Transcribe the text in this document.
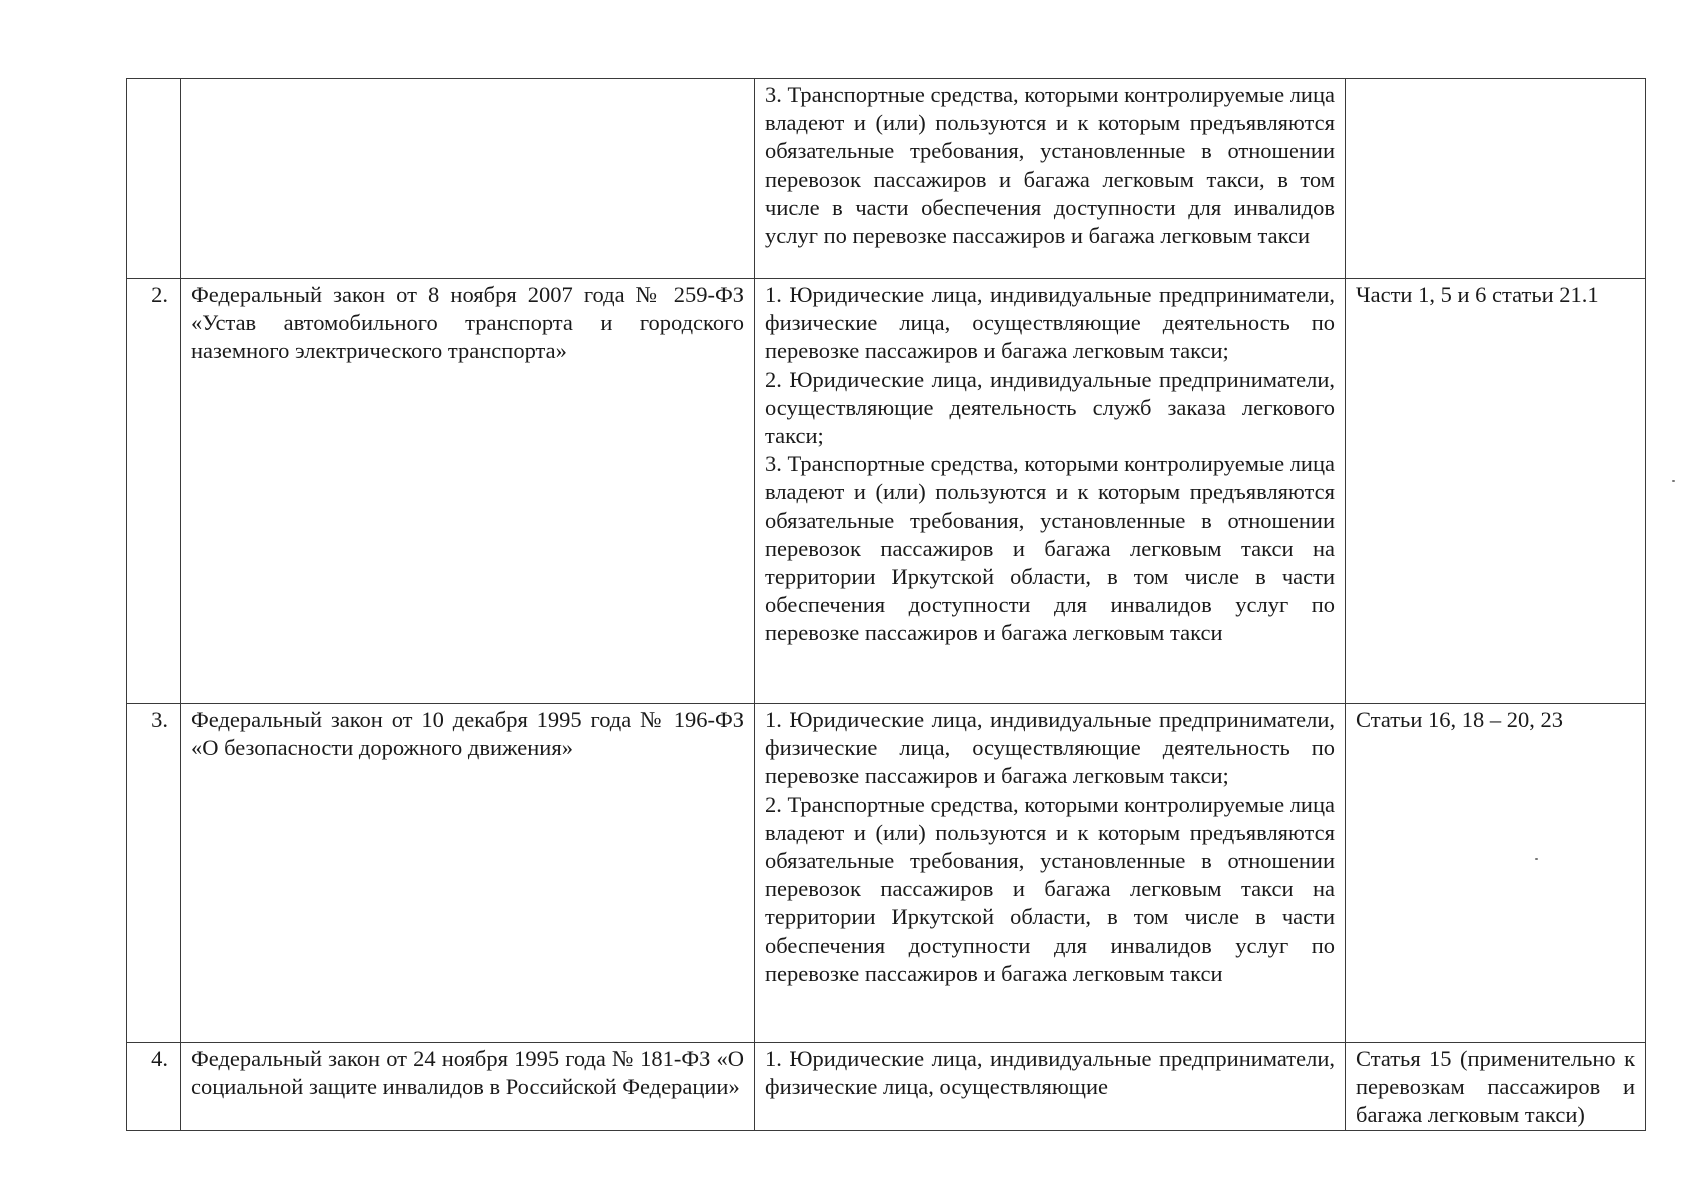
		3. Транспортные средства, которыми контролируемые лица владеют и (или) пользуются и к которым предъявляются обязательные требования, установленные в отношении перевозок пассажиров и багажа легковым такси, в том числе в части обеспечения доступности для инвалидов услуг по перевозке пассажиров и багажа легковым такси	

2.	Федеральный закон от 8 ноября 2007 года № 259-ФЗ «Устав автомобильного транспорта и городского наземного электрического транспорта»	1. Юридические лица, индивидуальные предприниматели, физические лица, осуществляющие деятельность по перевозке пассажиров и багажа легковым такси;
2. Юридические лица, индивидуальные предприниматели, осуществляющие деятельность служб заказа легкового такси;
3. Транспортные средства, которыми контролируемые лица владеют и (или) пользуются и к которым предъявляются обязательные требования, установленные в отношении перевозок пассажиров и багажа легковым такси на территории Иркутской области, в том числе в части обеспечения доступности для инвалидов услуг по перевозке пассажиров и багажа легковым такси	Части 1, 5 и 6 статьи 21.1

3.	Федеральный закон от 10 декабря 1995 года № 196-ФЗ «О безопасности дорожного движения»	1. Юридические лица, индивидуальные предприниматели, физические лица, осуществляющие деятельность по перевозке пассажиров и багажа легковым такси;
2. Транспортные средства, которыми контролируемые лица владеют и (или) пользуются и к которым предъявляются обязательные требования, установленные в отношении перевозок пассажиров и багажа легковым такси на территории Иркутской области, в том числе в части обеспечения доступности для инвалидов услуг по перевозке пассажиров и багажа легковым такси	Статьи 16, 18 – 20, 23

4.	Федеральный закон от 24 ноября 1995 года № 181-ФЗ «О социальной защите инвалидов в Российской Федерации»	1. Юридические лица, индивидуальные предприниматели, физические лица, осуществляющие	Статья 15 (применительно к перевозкам пассажиров и багажа легковым такси)
